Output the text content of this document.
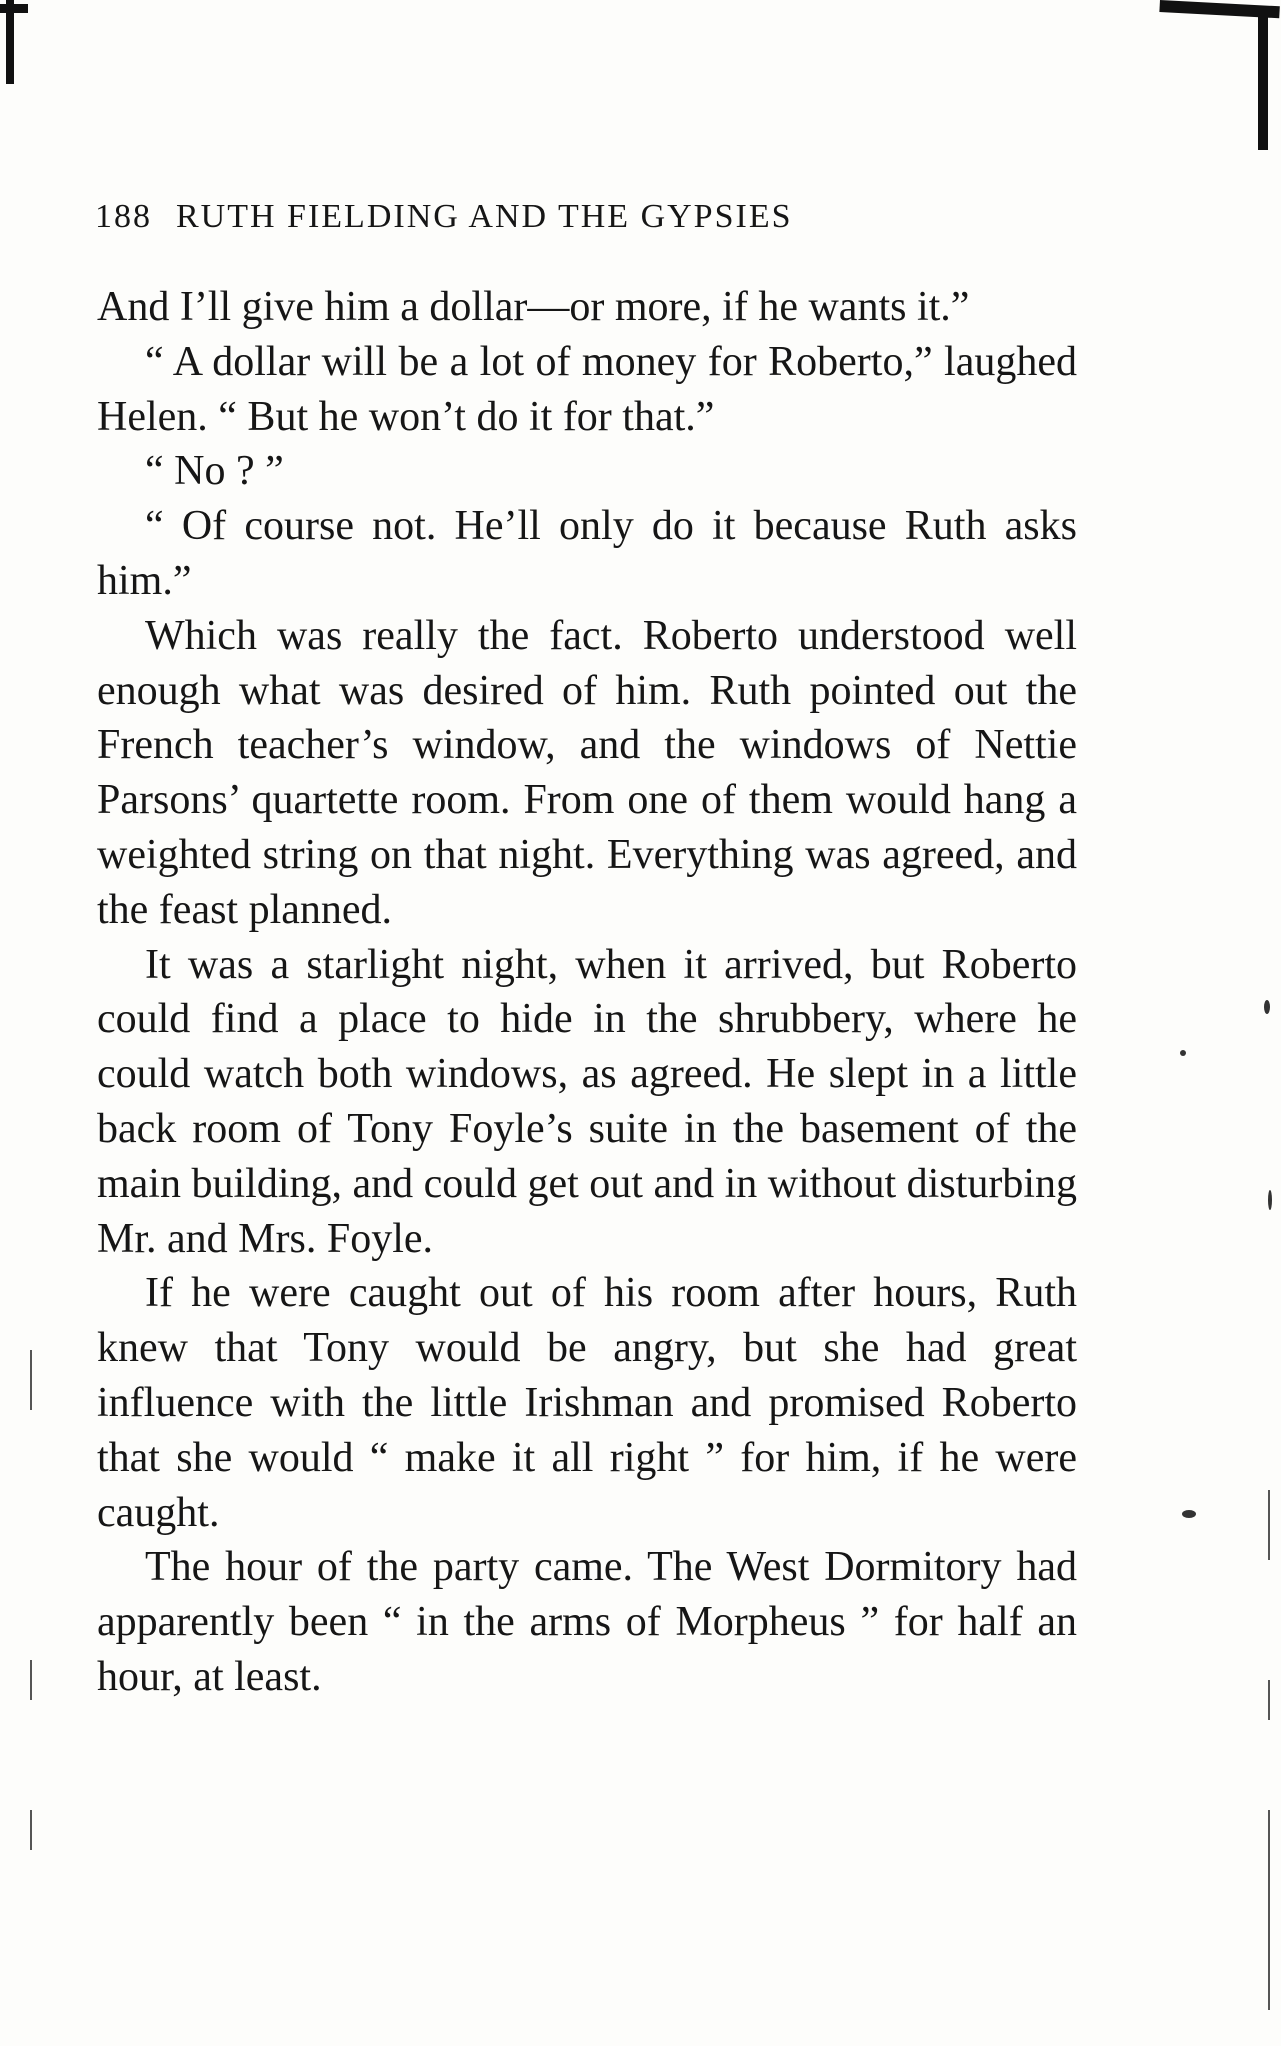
188 RUTH FIELDING AND THE GYPSIES

And I’ll give him a dollar—or more, if he wants it.”

“ A dollar will be a lot of money for Roberto,” laughed Helen. “ But he won’t do it for that.”

“ No ? ”

“ Of course not. He’ll only do it because Ruth asks him.”

Which was really the fact. Roberto understood well enough what was desired of him. Ruth pointed out the French teacher’s window, and the windows of Nettie Parsons’ quartette room. From one of them would hang a weighted string on that night. Everything was agreed, and the feast planned.

It was a starlight night, when it arrived, but Roberto could find a place to hide in the shrubbery, where he could watch both windows, as agreed. He slept in a little back room of Tony Foyle’s suite in the basement of the main building, and could get out and in without disturbing Mr. and Mrs. Foyle.

If he were caught out of his room after hours, Ruth knew that Tony would be angry, but she had great influence with the little Irishman and promised Roberto that she would “ make it all right ” for him, if he were caught.

The hour of the party came. The West Dormitory had apparently been “ in the arms of Morpheus ” for half an hour, at least.
